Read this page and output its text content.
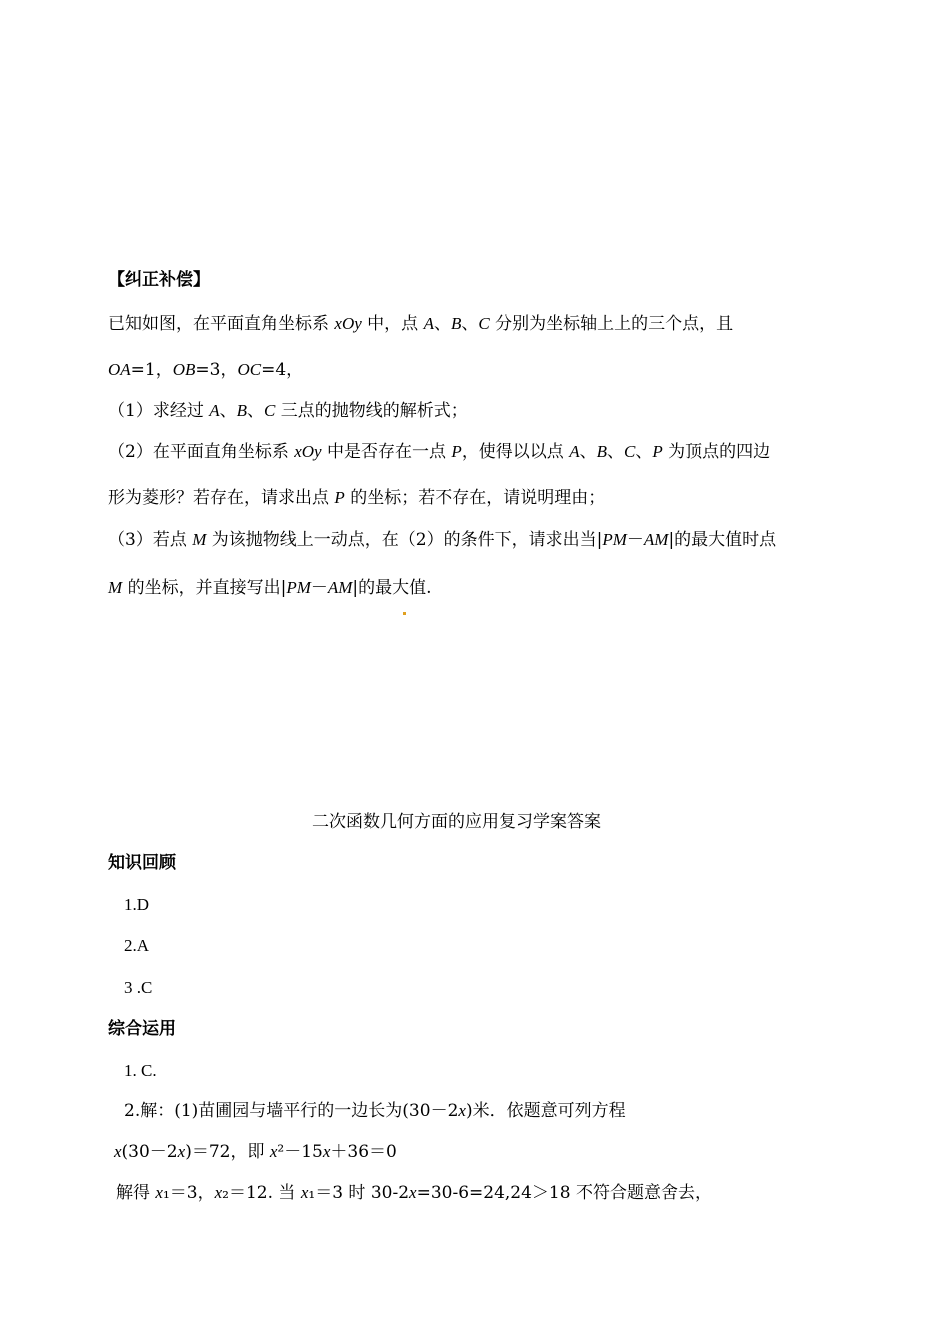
【纠正补偿】
已知如图，在平面直角坐标系 xOy 中，点 A、B、C 分别为坐标轴上上的三个点，且
OA=1，OB=3，OC=4，
（1）求经过 A、B、C 三点的抛物线的解析式；
（2）在平面直角坐标系 xOy 中是否存在一点 P，使得以以点 A、B、C、P 为顶点的四边
形为菱形？若存在，请求出点 P 的坐标；若不存在，请说明理由；
（3）若点 M 为该抛物线上一动点，在（2）的条件下，请求出当|PM－AM|的最大值时点
M 的坐标，并直接写出|PM－AM|的最大值.
二次函数几何方面的应用复习学案答案
知识回顾
1.D
2.A
3 .C
综合运用
1. C.
2.解：(1)苗圃园与墙平行的一边长为(30－2x)米．依题意可列方程
x(30－2x)＝72，即 x²－15x＋36＝0
解得 x₁＝3，x₂＝12. 当 x₁＝3 时 30-2x=30-6=24,24＞18 不符合题意舍去，
